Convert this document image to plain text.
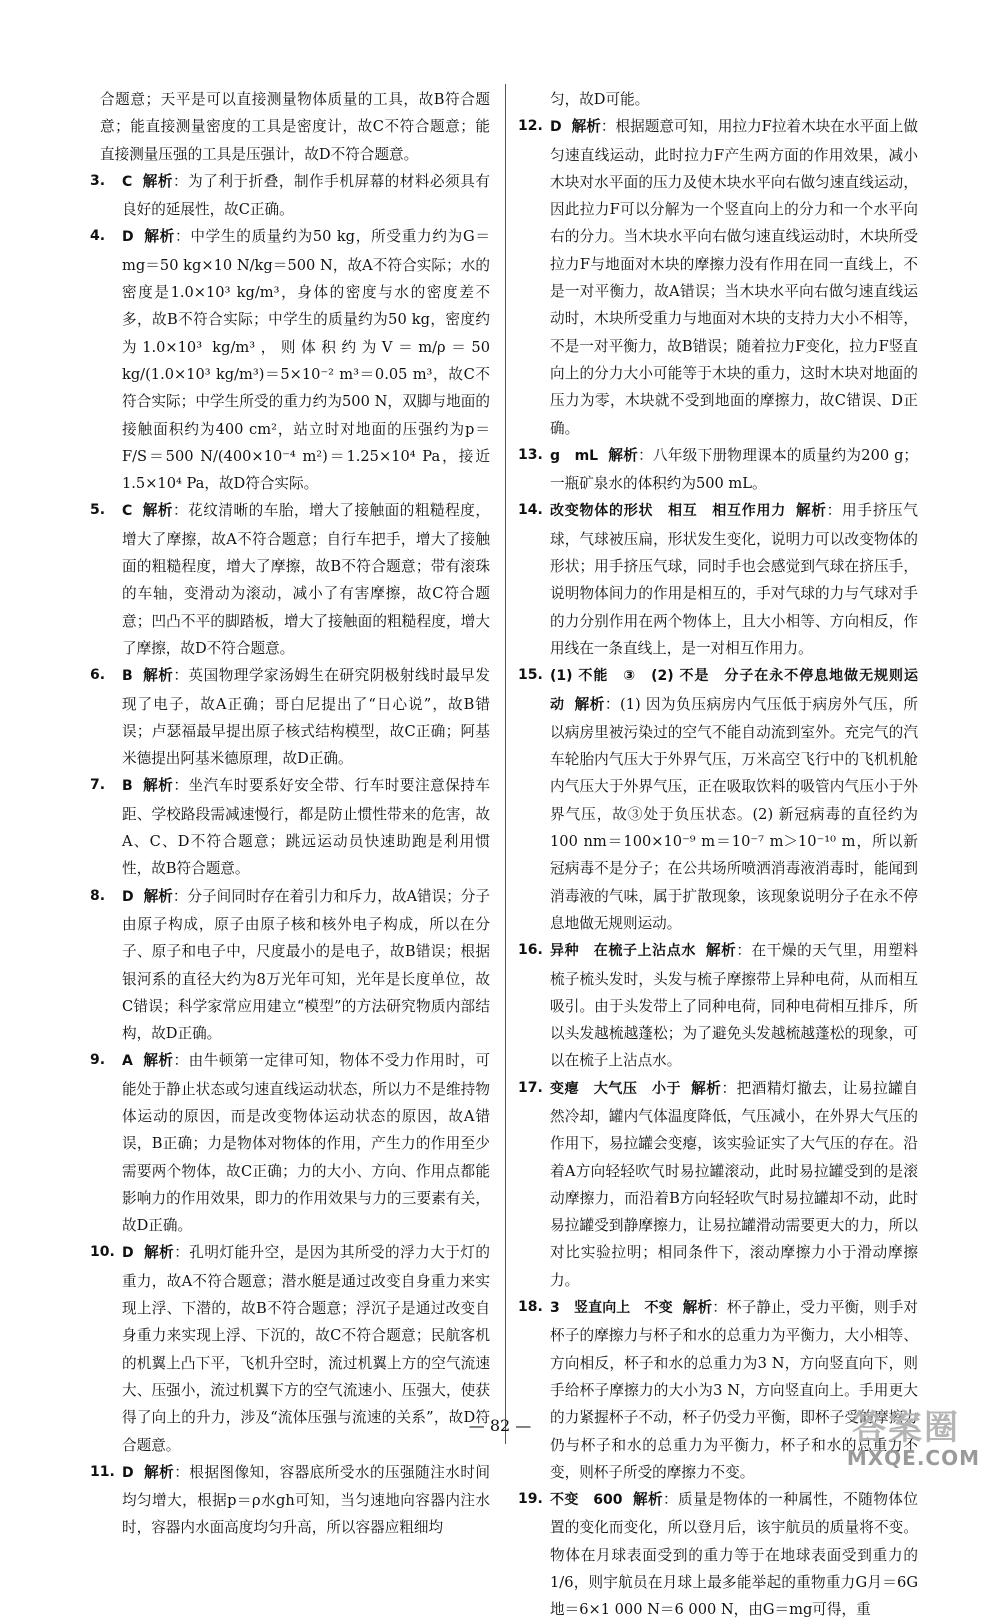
合题意；天平是可以直接测量物体质量的工具，故B符合题意；能直接测量密度的工具是密度计，故C不符合题意；能直接测量压强的工具是压强计，故D不符合题意。
3. C 解析：为了利于折叠，制作手机屏幕的材料必须具有良好的延展性，故C正确。
4. D 解析：中学生的质量约为50 kg，所受重力约为G＝mg＝50 kg×10 N/kg＝500 N，故A不符合实际；水的密度是1.0×10³ kg/m³，身体的密度与水的密度差不多，故B不符合实际；中学生的质量约为50 kg，密度约为1.0×10³ kg/m³，则体积约为V＝m/ρ＝50 kg/(1.0×10³ kg/m³)＝5×10⁻² m³＝0.05 m³，故C不符合实际；中学生所受的重力约为500 N，双脚与地面的接触面积约为400 cm²，站立时对地面的压强约为p＝F/S＝500 N/(400×10⁻⁴ m²)＝1.25×10⁴ Pa，接近1.5×10⁴ Pa，故D符合实际。
5. C 解析：花纹清晰的车胎，增大了接触面的粗糙程度，增大了摩擦，故A不符合题意；自行车把手，增大了接触面的粗糙程度，增大了摩擦，故B不符合题意；带有滚珠的车轴，变滑动为滚动，减小了有害摩擦，故C符合题意；凹凸不平的脚踏板，增大了接触面的粗糙程度，增大了摩擦，故D不符合题意。
6. B 解析：英国物理学家汤姆生在研究阴极射线时最早发现了电子，故A正确；哥白尼提出了“日心说”，故B错误；卢瑟福最早提出原子核式结构模型，故C正确；阿基米德提出阿基米德原理，故D正确。
7. B 解析：坐汽车时要系好安全带、行车时要注意保持车距、学校路段需减速慢行，都是防止惯性带来的危害，故A、C、D不符合题意；跳远运动员快速助跑是利用惯性，故B符合题意。
8. D 解析：分子间同时存在着引力和斥力，故A错误；分子由原子构成，原子由原子核和核外电子构成，所以在分子、原子和电子中，尺度最小的是电子，故B错误；根据银河系的直径大约为8万光年可知，光年是长度单位，故C错误；科学家常应用建立“模型”的方法研究物质内部结构，故D正确。
9. A 解析：由牛顿第一定律可知，物体不受力作用时，可能处于静止状态或匀速直线运动状态，所以力不是维持物体运动的原因，而是改变物体运动状态的原因，故A错误，B正确；力是物体对物体的作用，产生力的作用至少需要两个物体，故C正确；力的大小、方向、作用点都能影响力的作用效果，即力的作用效果与力的三要素有关，故D正确。
10. D 解析：孔明灯能升空，是因为其所受的浮力大于灯的重力，故A不符合题意；潜水艇是通过改变自身重力来实现上浮、下潜的，故B不符合题意；浮沉子是通过改变自身重力来实现上浮、下沉的，故C不符合题意；民航客机的机翼上凸下平，飞机升空时，流过机翼上方的空气流速大、压强小，流过机翼下方的空气流速小、压强大，使获得了向上的升力，涉及“流体压强与流速的关系”，故D符合题意。
11. D 解析：根据图像知，容器底所受水的压强随注水时间均匀增大，根据p＝ρ水gh可知，当匀速地向容器内注水时，容器内水面高度均匀升高，所以容器应粗细均
匀，故D可能。
12. D 解析：根据题意可知，用拉力F拉着木块在水平面上做匀速直线运动，此时拉力F产生两方面的作用效果，减小木块对水平面的压力及使木块水平向右做匀速直线运动，因此拉力F可以分解为一个竖直向上的分力和一个水平向右的分力。当木块水平向右做匀速直线运动时，木块所受拉力F与地面对木块的摩擦力没有作用在同一直线上，不是一对平衡力，故A错误；当木块水平向右做匀速直线运动时，木块所受重力与地面对木块的支持力大小不相等，不是一对平衡力，故B错误；随着拉力F变化，拉力F竖直向上的分力大小可能等于木块的重力，这时木块对地面的压力为零，木块就不受到地面的摩擦力，故C错误、D正确。
13. g　mL 解析：八年级下册物理课本的质量约为200 g；一瓶矿泉水的体积约为500 mL。
14. 改变物体的形状　相互　相互作用力 解析：用手挤压气球，气球被压扁，形状发生变化，说明力可以改变物体的形状；用手挤压气球，同时手也会感觉到气球在挤压手，说明物体间力的作用是相互的，手对气球的力与气球对手的力分别作用在两个物体上，且大小相等、方向相反，作用线在一条直线上，是一对相互作用力。
15. (1) 不能　③　(2) 不是　分子在永不停息地做无规则运动 解析：(1) 因为负压病房内气压低于病房外气压，所以病房里被污染过的空气不能自动流到室外。充完气的汽车轮胎内气压大于外界气压，万米高空飞行中的飞机机舱内气压大于外界气压，正在吸取饮料的吸管内气压小于外界气压，故③处于负压状态。(2) 新冠病毒的直径约为100 nm＝100×10⁻⁹ m＝10⁻⁷ m＞10⁻¹⁰ m，所以新冠病毒不是分子；在公共场所喷洒消毒液消毒时，能闻到消毒液的气味，属于扩散现象，该现象说明分子在永不停息地做无规则运动。
16. 异种　在梳子上沾点水 解析：在干燥的天气里，用塑料梳子梳头发时，头发与梳子摩擦带上异种电荷，从而相互吸引。由于头发带上了同种电荷，同种电荷相互排斥，所以头发越梳越蓬松；为了避免头发越梳越蓬松的现象，可以在梳子上沾点水。
17. 变瘪　大气压　小于 解析：把酒精灯撤去，让易拉罐自然冷却，罐内气体温度降低，气压减小，在外界大气压的作用下，易拉罐会变瘪，该实验证实了大气压的存在。沿着A方向轻轻吹气时易拉罐滚动，此时易拉罐受到的是滚动摩擦力，而沿着B方向轻轻吹气时易拉罐却不动，此时易拉罐受到静摩擦力，让易拉罐滑动需要更大的力，所以对比实验拉明；相同条件下，滚动摩擦力小于滑动摩擦力。
18. 3　竖直向上　不变 解析：杯子静止，受力平衡，则手对杯子的摩擦力与杯子和水的总重力为平衡力，大小相等、方向相反，杯子和水的总重力为3 N，方向竖直向下，则手给杯子摩擦力的大小为3 N，方向竖直向上。手用更大的力紧握杯子不动，杯子仍受力平衡，即杯子受的摩擦力仍与杯子和水的总重力为平衡力，杯子和水的总重力不变，则杯子所受的摩擦力不变。
19. 不变　600 解析：质量是物体的一种属性，不随物体位置的变化而变化，所以登月后，该宇航员的质量将不变。物体在月球表面受到的重力等于在地球表面受到重力的1/6，则宇航员在月球上最多能举起的重物重力G月＝6G地＝6×1 000 N＝6 000 N，由G＝mg可得，重
— 82 —	答案圈
MXQE.COM
